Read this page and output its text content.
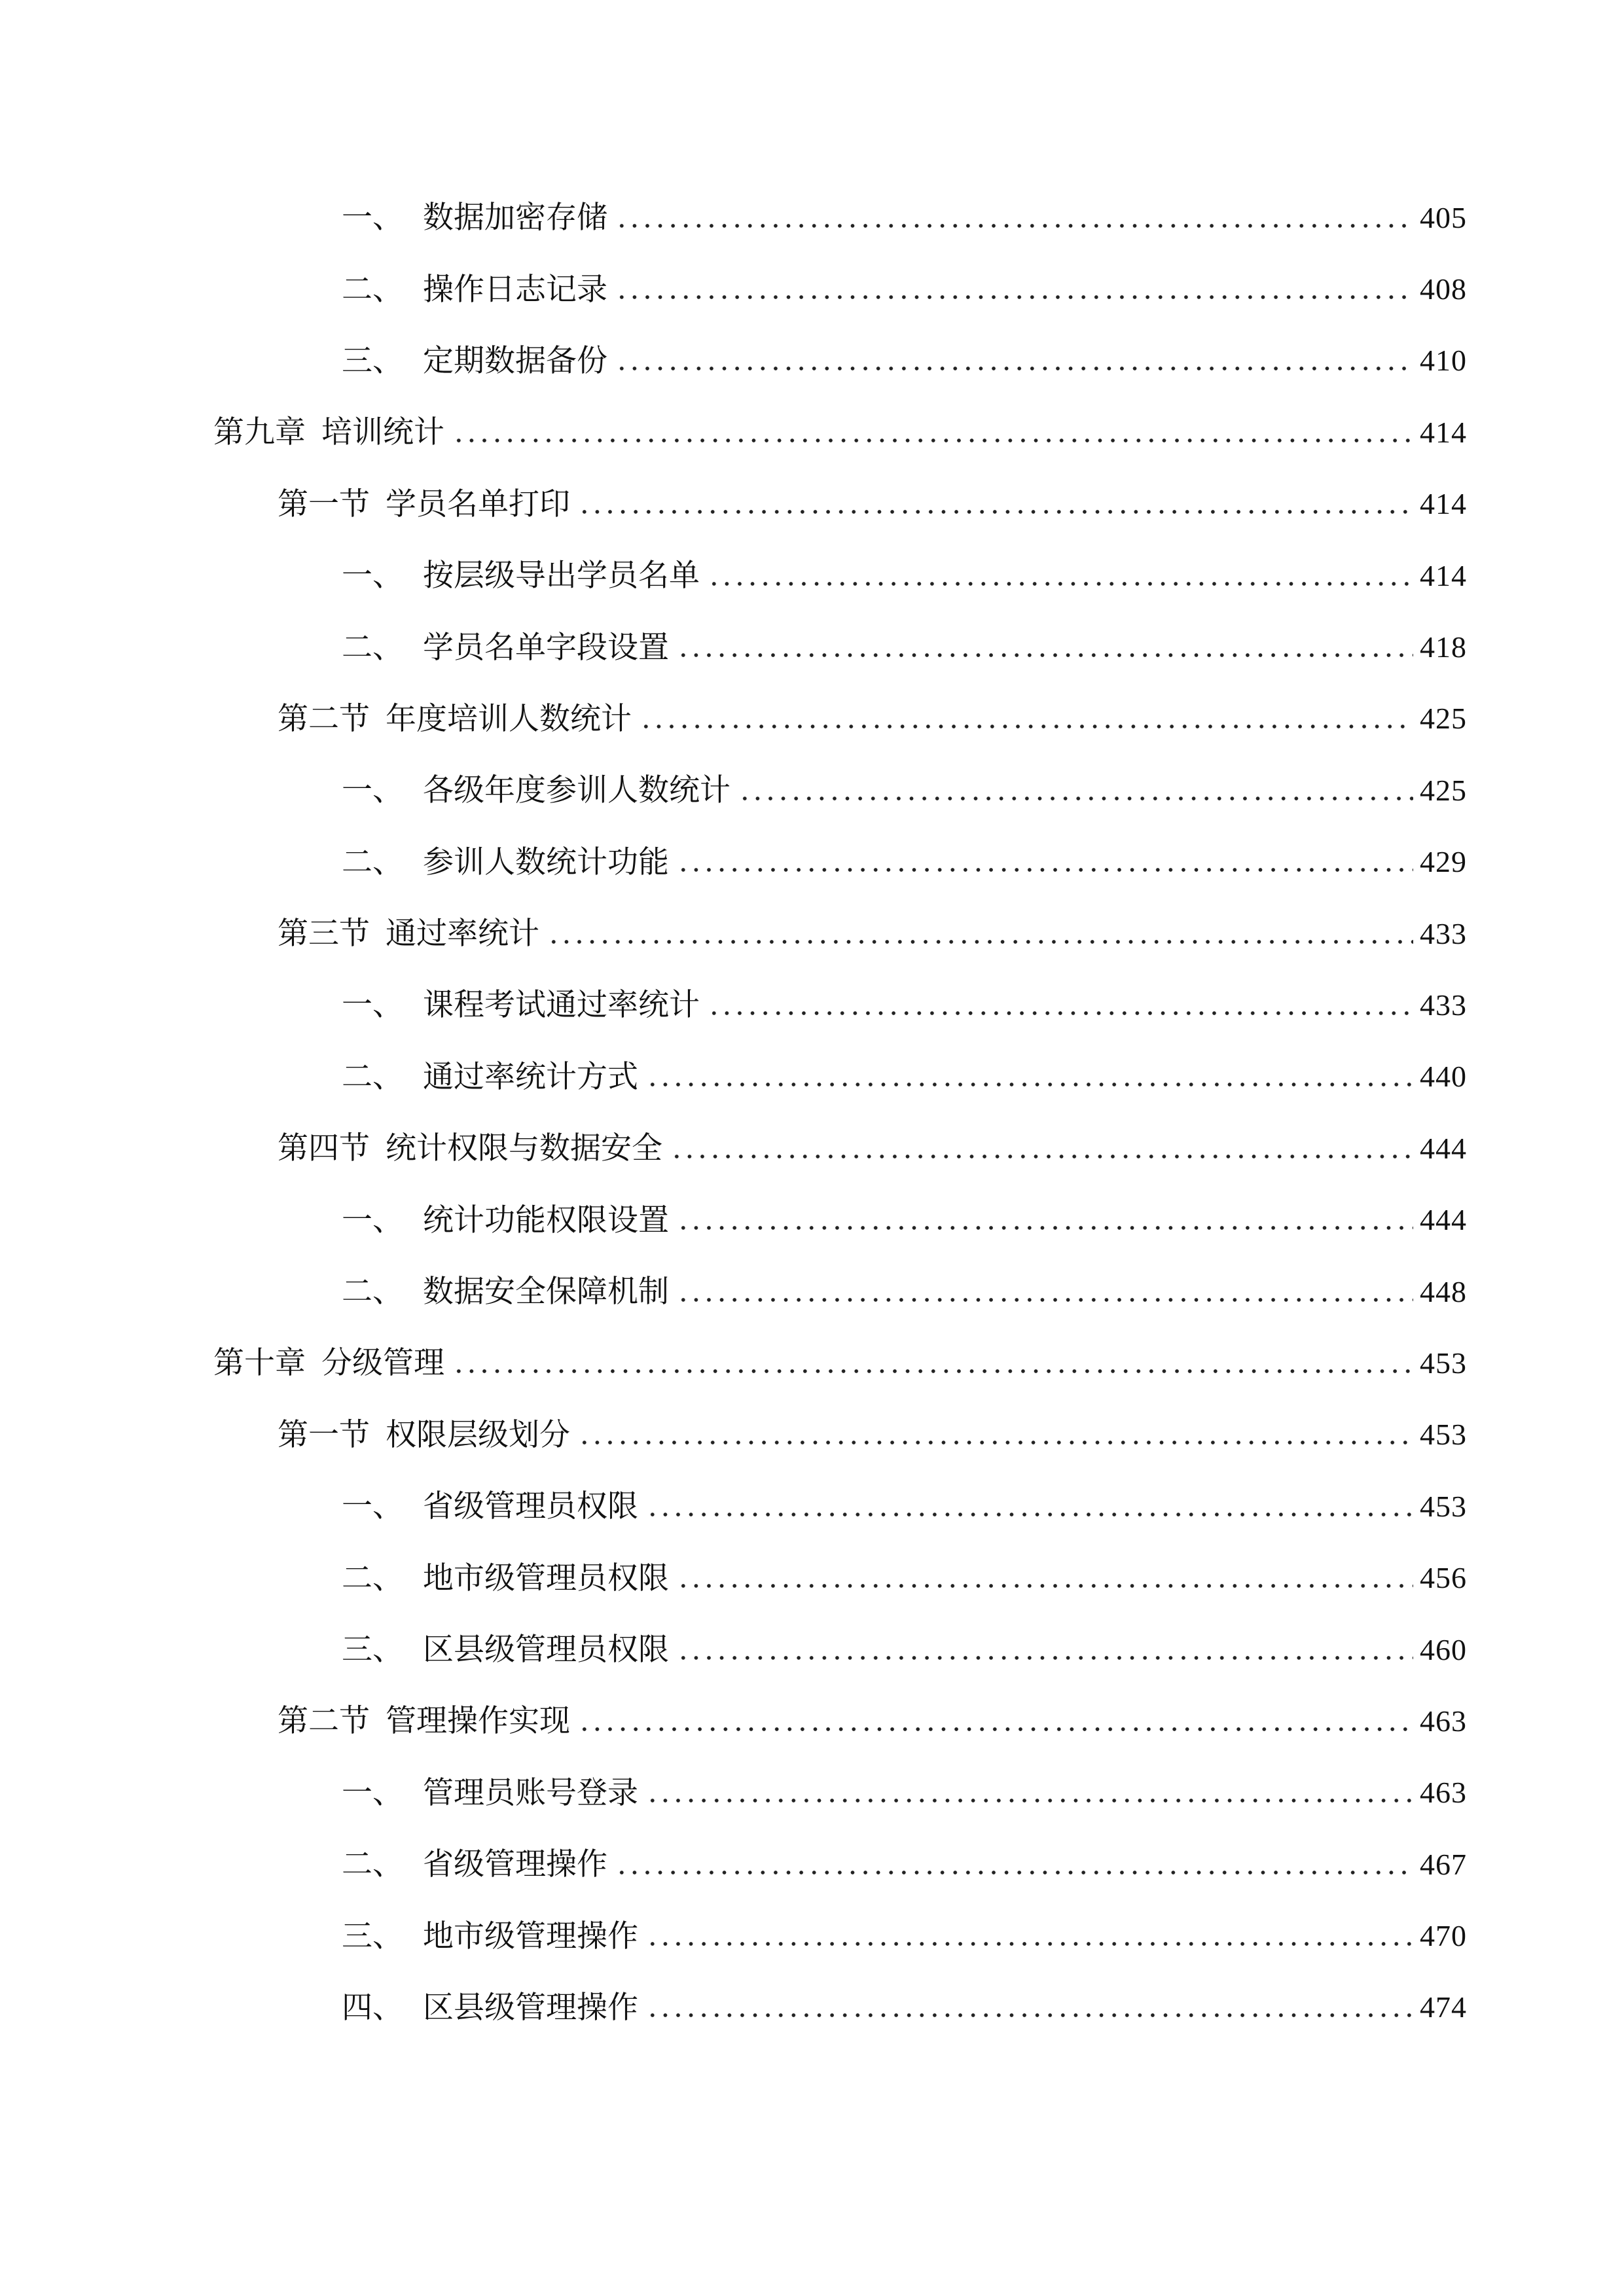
一、 数据加密存储	405
二、 操作日志记录	408
三、 定期数据备份	410
第九章 培训统计	414
第一节 学员名单打印	414
一、 按层级导出学员名单	414
二、 学员名单字段设置	418
第二节 年度培训人数统计	425
一、 各级年度参训人数统计	425
二、 参训人数统计功能	429
第三节 通过率统计	433
一、 课程考试通过率统计	433
二、 通过率统计方式	440
第四节 统计权限与数据安全	444
一、 统计功能权限设置	444
二、 数据安全保障机制	448
第十章 分级管理	453
第一节 权限层级划分	453
一、 省级管理员权限	453
二、 地市级管理员权限	456
三、 区县级管理员权限	460
第二节 管理操作实现	463
一、 管理员账号登录	463
二、 省级管理操作	467
三、 地市级管理操作	470
四、 区县级管理操作	474
